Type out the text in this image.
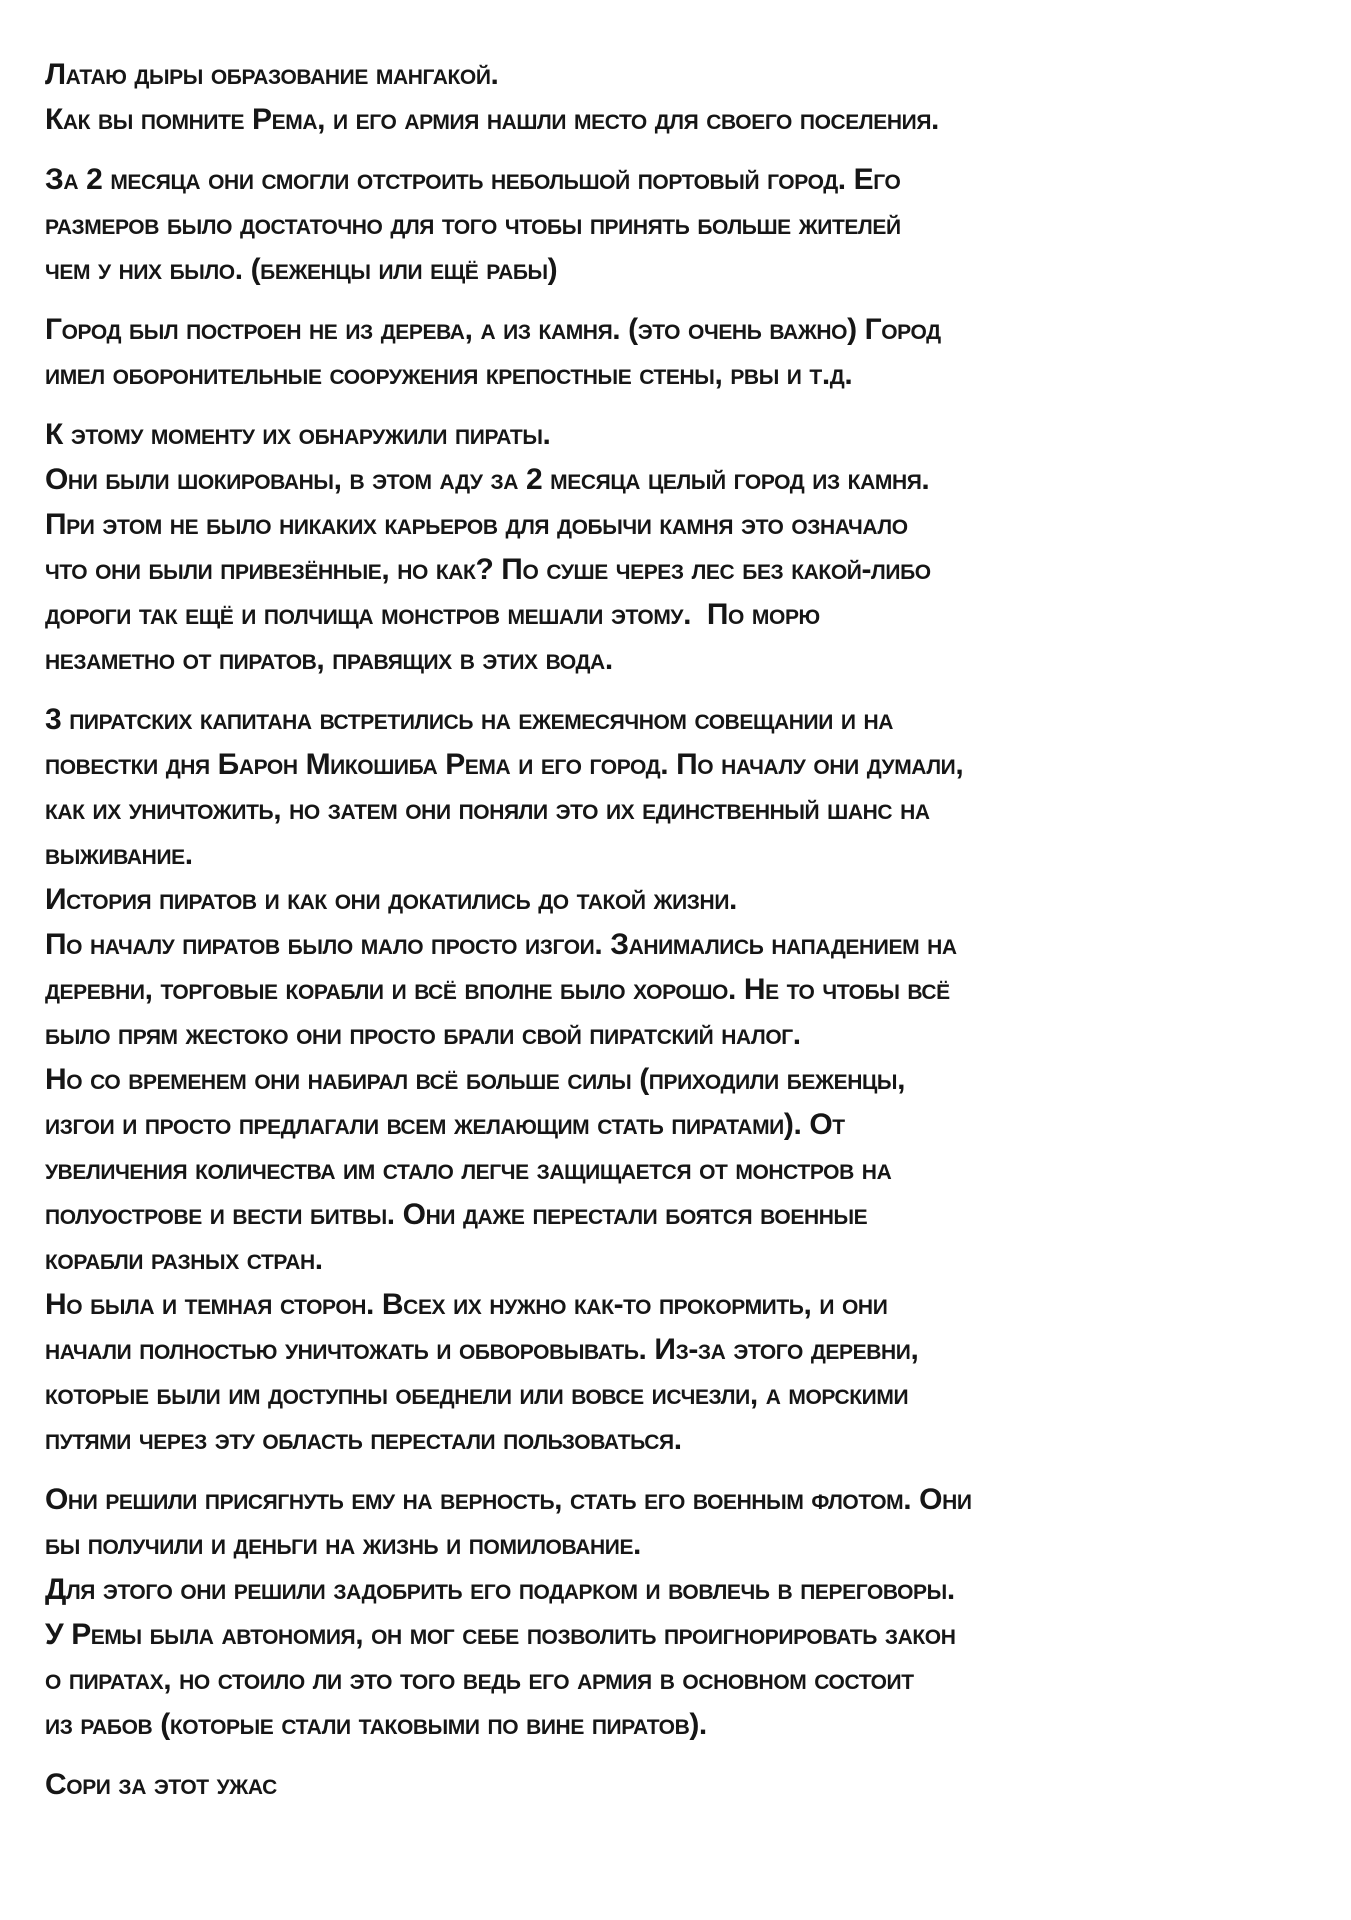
Латаю дыры образование мангакой.
Как вы помните Рема, и его армия нашли место для своего поселения.
За 2 месяца они смогли отстроить небольшой портовый город. Его
размеров было достаточно для того чтобы принять больше жителей
чем у них было. (беженцы или ещё рабы)
Город был построен не из дерева, а из камня. (это очень важно) Город
имел оборонительные сооружения крепостные стены, рвы и т.д.
К этому моменту их обнаружили пираты.
Они были шокированы, в этом аду за 2 месяца целый город из камня.
При этом не было никаких карьеров для добычи камня это означало
что они были привезённые, но как? По суше через лес без какой-либо
дороги так ещё и полчища монстров мешали этому.  По морю
незаметно от пиратов, правящих в этих вода.
3 пиратских капитана встретились на ежемесячном совещании и на
повестки дня Барон Микошиба Рема и его город. По началу они думали,
как их уничтожить, но затем они поняли это их единственный шанс на
выживание.
История пиратов и как они докатились до такой жизни.
По началу пиратов было мало просто изгои. Занимались нападением на
деревни, торговые корабли и всё вполне было хорошо. Не то чтобы всё
было прям жестоко они просто брали свой пиратский налог.
Но со временем они набирал всё больше силы (приходили беженцы,
изгои и просто предлагали всем желающим стать пиратами). От
увеличения количества им стало легче защищается от монстров на
полуострове и вести битвы. Они даже перестали боятся военные
корабли разных стран.
Но была и темная сторон. Всех их нужно как-то прокормить, и они
начали полностью уничтожать и обворовывать. Из-за этого деревни,
которые были им доступны обеднели или вовсе исчезли, а морскими
путями через эту область перестали пользоваться.
Они решили присягнуть ему на верность, стать его военным флотом. Они
бы получили и деньги на жизнь и помилование.
Для этого они решили задобрить его подарком и вовлечь в переговоры.
У Ремы была автономия, он мог себе позволить проигнорировать закон
о пиратах, но стоило ли это того ведь его армия в основном состоит
из рабов (которые стали таковыми по вине пиратов).
Сори за этот ужас
